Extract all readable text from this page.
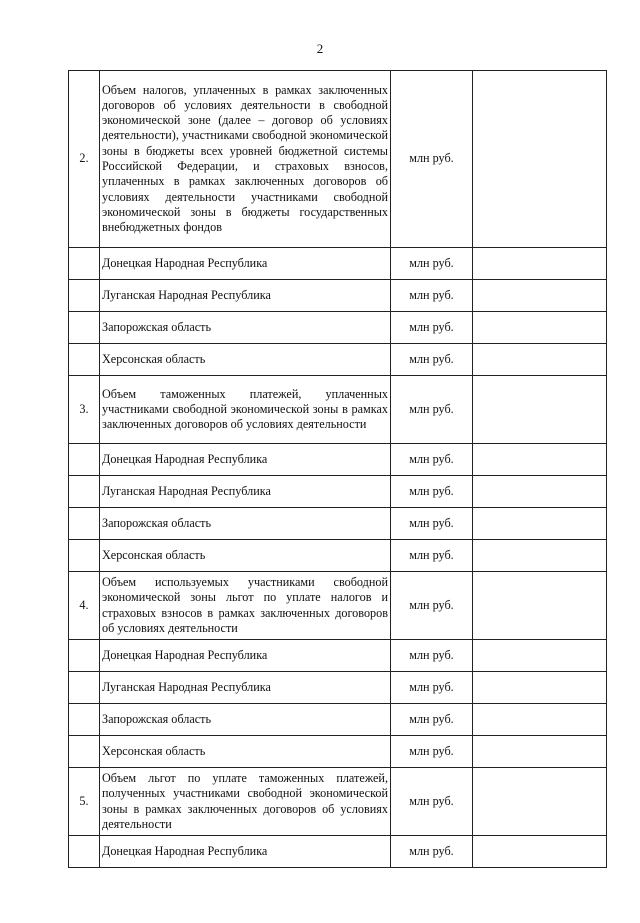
2
2.	Объем налогов, уплаченных в рамках заключенных договоров об условиях деятельности в свободной экономической зоне (далее – договор об условиях деятельности), участниками свободной экономической зоны в бюджеты всех уровней бюджетной системы Российской Федерации, и страховых взносов, уплаченных в рамках заключенных договоров об условиях деятельности участниками свободной экономической зоны в бюджеты государственных внебюджетных фондов	млн руб.	
	Донецкая Народная Республика	млн руб.	
	Луганская Народная Республика	млн руб.	
	Запорожская область	млн руб.	
	Херсонская область	млн руб.	
3.	Объем таможенных платежей, уплаченных участниками свободной экономической зоны в рамках заключенных договоров об условиях деятельности	млн руб.	
	Донецкая Народная Республика	млн руб.	
	Луганская Народная Республика	млн руб.	
	Запорожская область	млн руб.	
	Херсонская область	млн руб.	
4.	Объем используемых участниками свободной экономической зоны льгот по уплате налогов и страховых взносов в рамках заключенных договоров об условиях деятельности	млн руб.	
	Донецкая Народная Республика	млн руб.	
	Луганская Народная Республика	млн руб.	
	Запорожская область	млн руб.	
	Херсонская область	млн руб.	
5.	Объем льгот по уплате таможенных платежей, полученных участниками свободной экономической зоны в рамках заключенных договоров об условиях деятельности	млн руб.	
	Донецкая Народная Республика	млн руб.	
